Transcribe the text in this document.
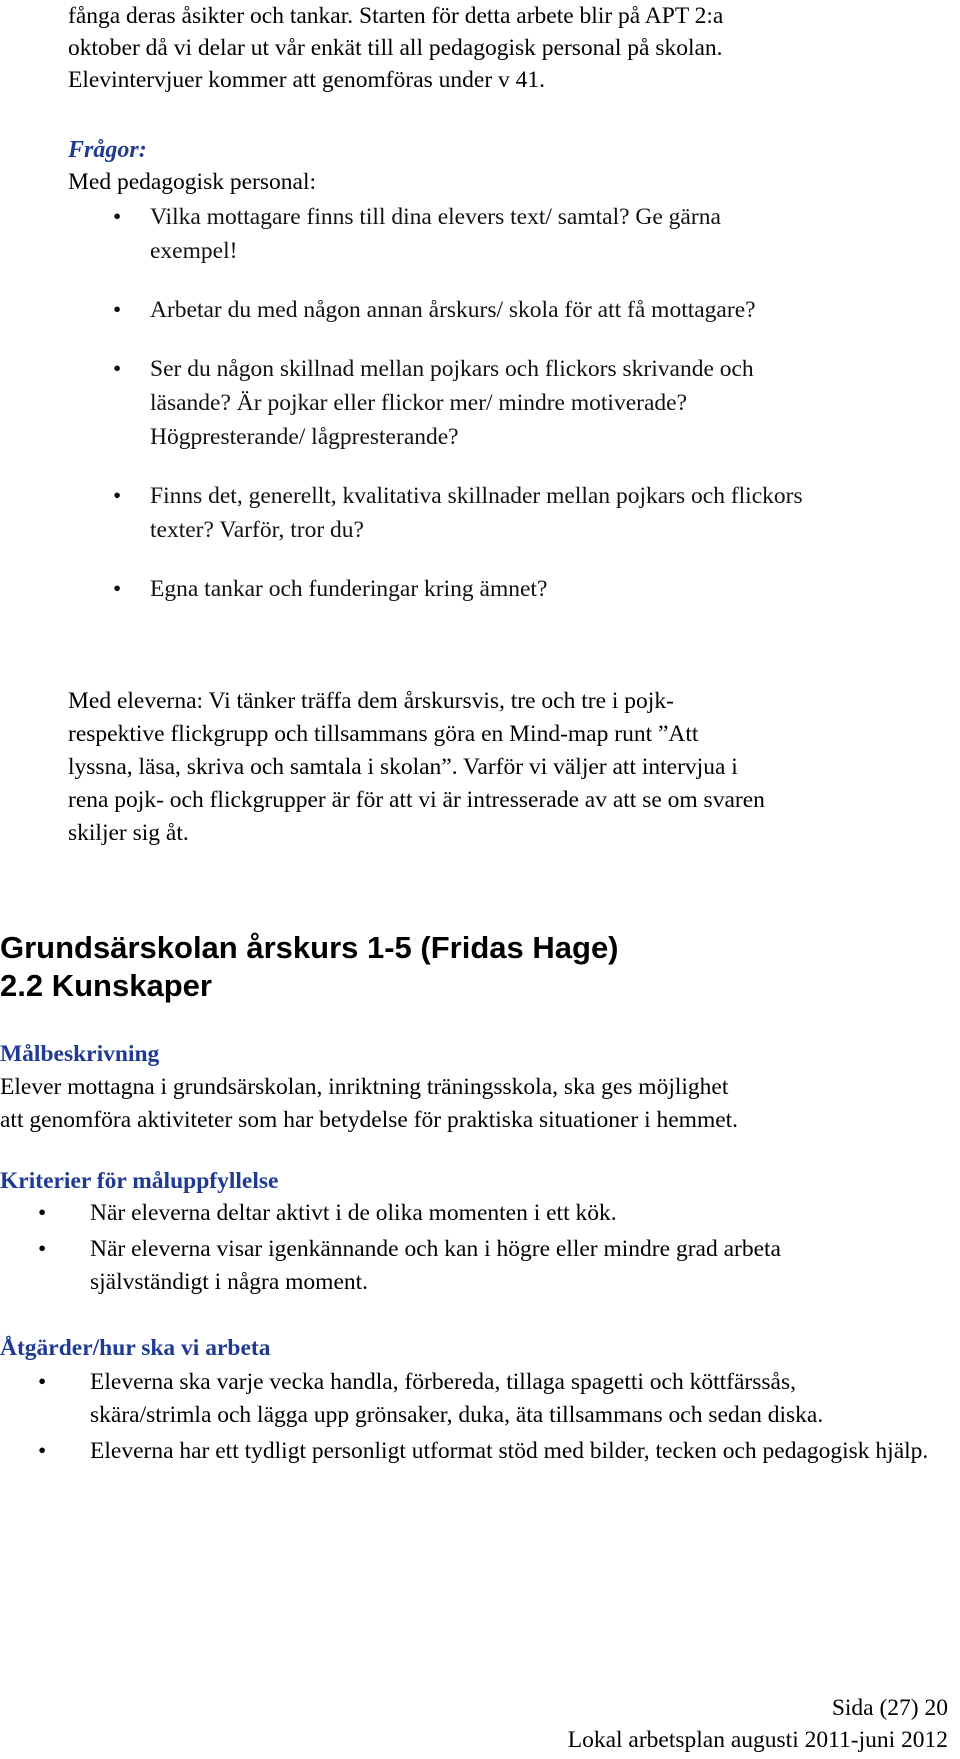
fånga deras åsikter och tankar. Starten för detta arbete blir på APT 2:a

oktober då vi delar ut vår enkät till all pedagogisk personal på skolan.

Elevintervjuer kommer att genomföras under v 41.

Frågor:
Med pedagogisk personal:
• Vilka mottagare finns till dina elevers text/ samtal? Ge gärna exempel!
• Arbetar du med någon annan årskurs/ skola för att få mottagare?
• Ser du någon skillnad mellan pojkars och flickors skrivande och läsande? Är pojkar eller flickor mer/ mindre motiverade? Högpresterande/ lågpresterande?
• Finns det, generellt, kvalitativa skillnader mellan pojkars och flickors texter? Varför, tror du?
• Egna tankar och funderingar kring ämnet?

Med eleverna: Vi tänker träffa dem årskursvis, tre och tre i pojk-

respektive flickgrupp och tillsammans göra en Mind-map runt ”Att

lyssna, läsa, skriva och samtala i skolan”. Varför vi väljer att intervjua i

rena pojk- och flickgrupper är för att vi är intresserade av att se om svaren

skiljer sig åt.

Grundsärskolan årskurs 1-5 (Fridas Hage)
2.2 Kunskaper
Målbeskrivning

Elever mottagna i grundsärskolan, inriktning träningsskola, ska ges möjlighet

att genomföra aktiviteter som har betydelse för praktiska situationer i hemmet.

Kriterier för måluppfyllelse
• När eleverna deltar aktivt i de olika momenten i ett kök.
• När eleverna visar igenkännande och kan i högre eller mindre grad arbeta självständigt i några moment.
Åtgärder/hur ska vi arbeta
• Eleverna ska varje vecka handla, förbereda, tillaga spagetti och köttfärssås, skära/strimla och lägga upp grönsaker, duka, äta tillsammans och sedan diska.
• Eleverna har ett tydligt personligt utformat stöd med bilder, tecken och pedagogisk hjälp.
Sida (27) 20
Lokal arbetsplan augusti 2011-juni 2012
